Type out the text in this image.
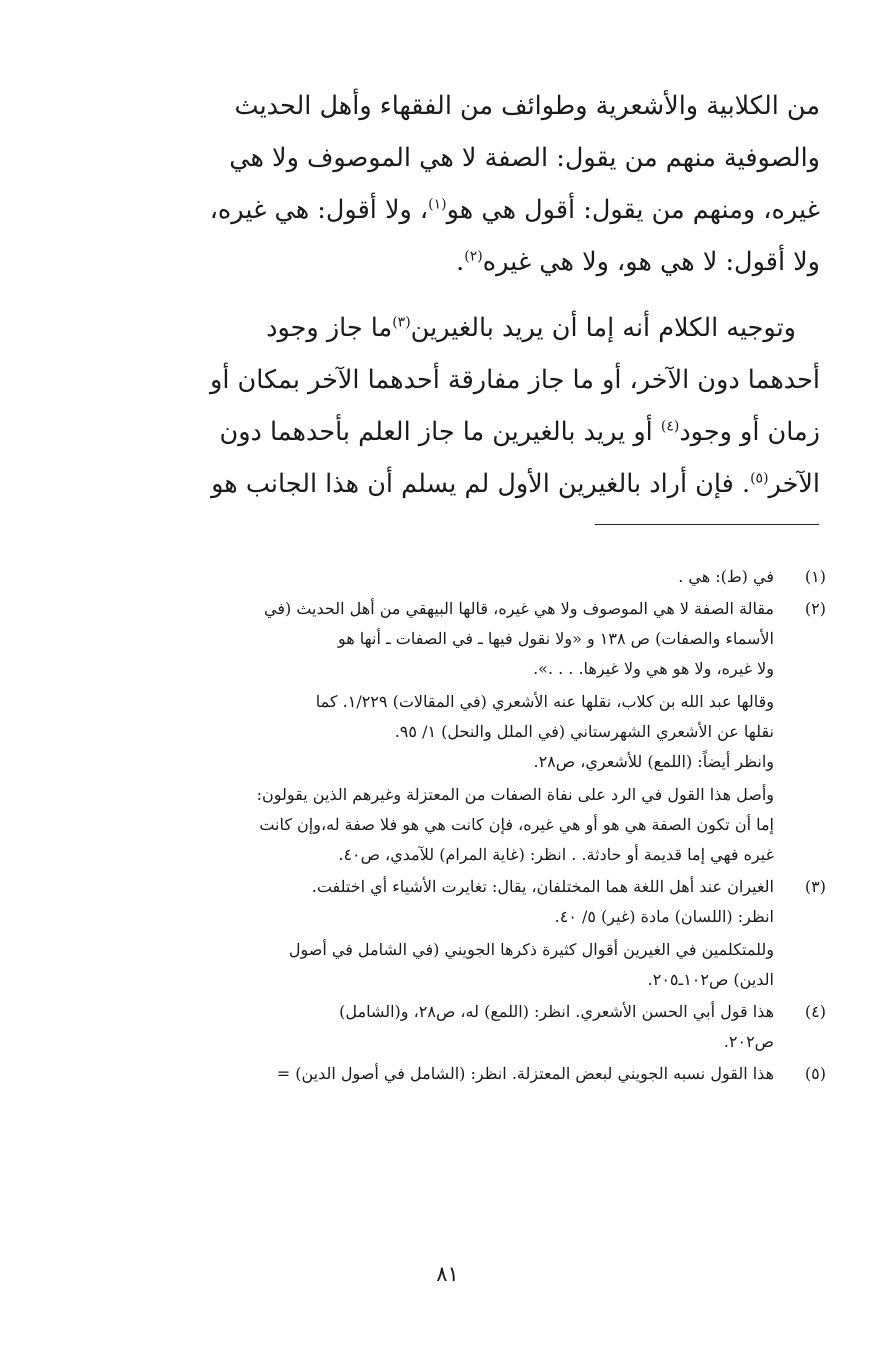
من الكلابية والأشعرية وطوائف من الفقهاء وأهل الحديث
والصوفية منهم من يقول: الصفة لا هي الموصوف ولا هي
غيره، ومنهم من يقول: أقول هي هو$^{(١)}$، ولا أقول: هي غيره،
ولا أقول: لا هي هو، ولا هي غيره$^{(٢)}$.

وتوجيه الكلام أنه إما أن يريد بالغيرين$^{(٣)}$ما جاز وجود
أحدهما دون الآخر، أو ما جاز مفارقة أحدهما الآخر بمكان أو
زمان أو وجود$^{(٤)}$ أو يريد بالغيرين ما جاز العلم بأحدهما دون
الآخر$^{(٥)}$. فإن أراد بالغيرين الأول لم يسلم أن هذا الجانب هو

(١)
في (ط): هي .
(٢)
مقالة الصفة لا هي الموصوف ولا هي غيره، قالها البيهقي من أهل الحديث (في
الأسماء والصفات) ص ١٣٨ و «ولا نقول فيها ـ في الصفات ـ أنها هو
ولا غيره، ولا هو هي ولا غيرها. . . .».
وقالها عبد الله بن كلاب، نقلها عنه الأشعري (في المقالات) ١/٢٢٩. كما
نقلها عن الأشعري الشهرستاني (في الملل والنحل) ١/ ٩٥.
وانظر أيضاً: (اللمع) للأشعري، ص٢٨.
وأصل هذا القول في الرد على نفاة الصفات من المعتزلة وغيرهم الذين يقولون:
إما أن تكون الصفة هي هو أو هي غيره، فإن كانت هي هو فلا صفة له،وإن كانت
غيره فهي إما قديمة أو حادثة. . انظر: (غاية المرام) للآمدي، ص٤٠.
(٣)
الغيران عند أهل اللغة هما المختلفان، يقال: تغايرت الأشياء أي اختلفت.
انظر: (اللسان) مادة (غير) ٥/ ٤٠.
وللمتكلمين في الغيرين أقوال كثيرة ذكرها الجويني (في الشامل في أصول
الدين) ص١٠٢ـ٢٠٥.
(٤)
هذا قول أبي الحسن الأشعري. انظر: (اللمع) له، ص٢٨، و(الشامل)
ص٢٠٢.
(٥)
هذا القول نسبه الجويني لبعض المعتزلة. انظر: (الشامل في أصول الدين) =
٨١
